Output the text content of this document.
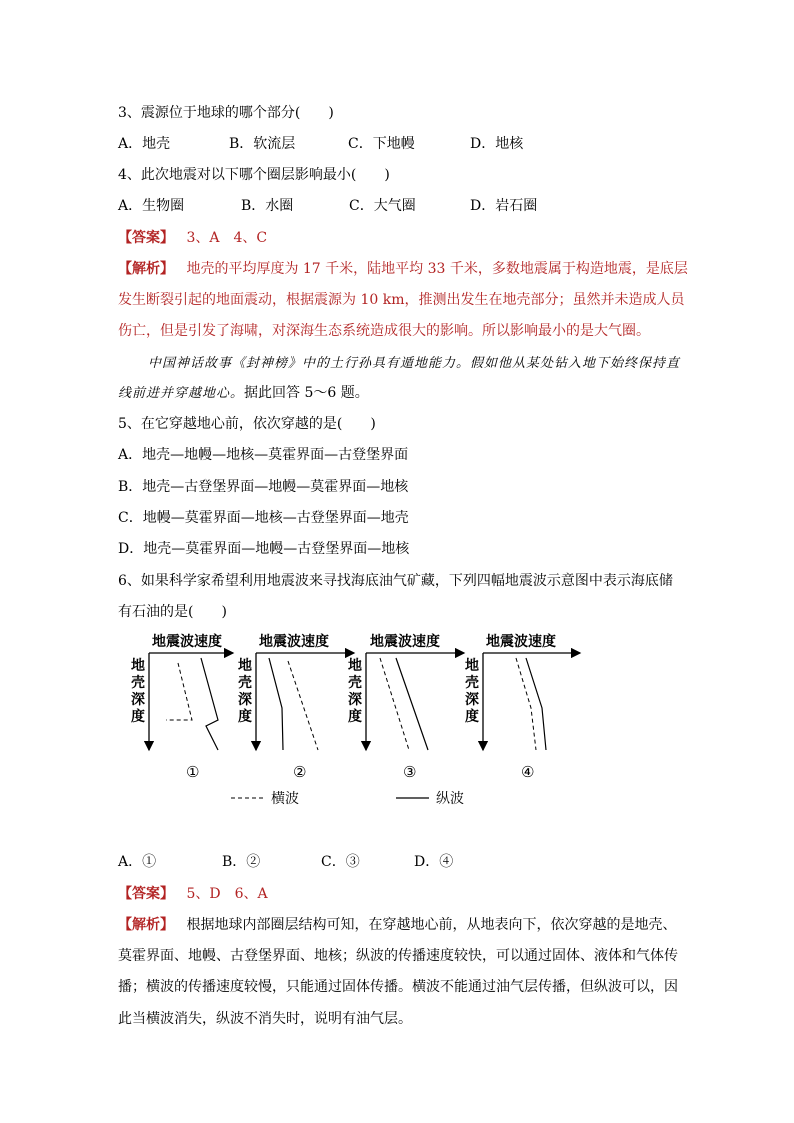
3、震源位于地球的哪个部分(　　)
A．地壳	B．软流层	C．下地幔	D．地核
4、此次地震对以下哪个圈层影响最小(　　)
A．生物圈	B．水圈	C．大气圈	D．岩石圈
【答案】 3、A　4、C
【解析】 地壳的平均厚度为 17 千米，陆地平均 33 千米，多数地震属于构造地震，是底层
发生断裂引起的地面震动，根据震源为 10 km，推测出发生在地壳部分；虽然并未造成人员
伤亡，但是引发了海啸，对深海生态系统造成很大的影响。所以影响最小的是大气圈。
中国神话故事《封神榜》中的土行孙具有遁地能力。假如他从某处钻入地下始终保持直
线前进并穿越地心。据此回答 5～6 题。
5、在它穿越地心前，依次穿越的是(　　)
A．地壳—地幔—地核—莫霍界面—古登堡界面
B．地壳—古登堡界面—地幔—莫霍界面—地核
C．地幔—莫霍界面—地核—古登堡界面—地壳
D．地壳—莫霍界面—地幔—古登堡界面—地核
6、如果科学家希望利用地震波来寻找海底油气矿藏，下列四幅地震波示意图中表示海底储
有石油的是(　　)
地震波速度
地壳深度
①
地震波速度
地壳深度
②
地震波速度
地壳深度
③
地震波速度
地壳深度
④
横波	纵波
A．①	B．②	C．③	D．④
【答案】 5、D　6、A
【解析】 根据地球内部圈层结构可知，在穿越地心前，从地表向下，依次穿越的是地壳、
莫霍界面、地幔、古登堡界面、地核；纵波的传播速度较快，可以通过固体、液体和气体传
播；横波的传播速度较慢，只能通过固体传播。横波不能通过油气层传播，但纵波可以，因
此当横波消失，纵波不消失时，说明有油气层。
